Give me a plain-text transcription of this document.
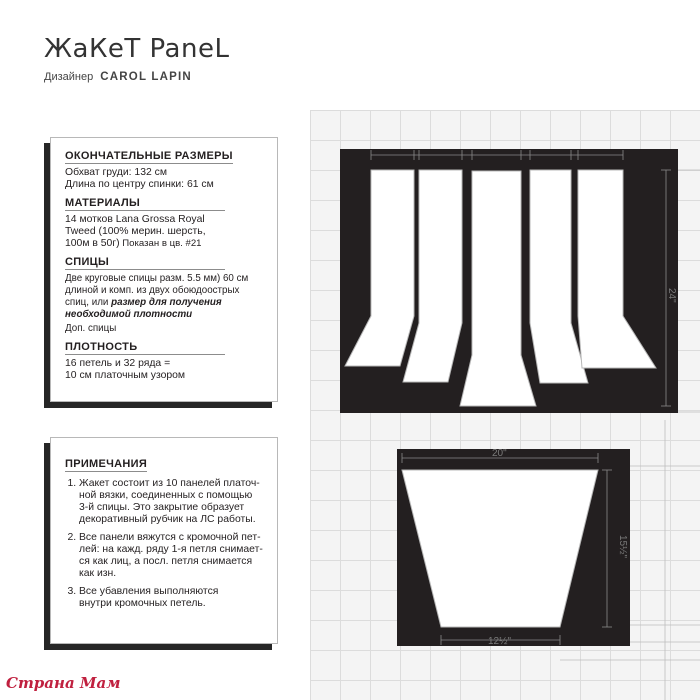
ЖаКеТ PaneL
Дизайнер CAROL LAPIN
ОКОНЧАТЕЛЬНЫЕ РАЗМЕРЫ

Обхват груди: 132 см

Длина по центру спинки: 61 см

МАТЕРИАЛЫ

14 мотков Lana Grossa Royal

Tweed (100% мерин. шерсть,

100м в 50г) Показан в цв. #21

СПИЦЫ

Две круговые спицы разм. 5.5 мм) 60 см

длиной и комп. из двух обоюдоострых

спиц, или размер для получения

необходимой плотности

Доп. спицы

ПЛОТНОСТЬ

16 петель и 32 ряда =

10 см платочным узором

ПРИМЕЧАНИЯ
1. Жакет состоит из 10 панелей платоч-
ной вязки, соединенных с помощью
3-й спицы. Это закрытие образует
декоративный рубчик на ЛС работы.
2. Все панели вяжутся с кромочной пет-
лей: на кажд. ряду 1-я петля снимает-
ся как лиц, а посл. петля снимается
как изн.
3. Все убавления выполняются
внутри кромочных петель.
24"
20"
15½"
12½"

Страна Мам
